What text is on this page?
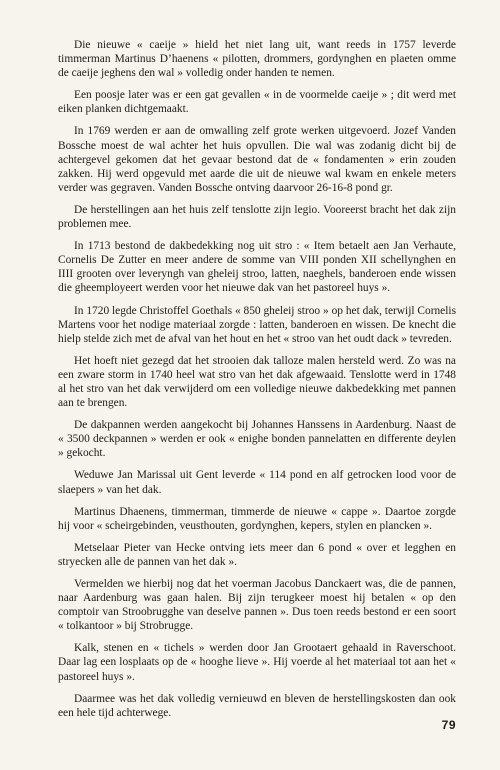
Die nieuwe « caeije » hield het niet lang uit, want reeds in 1757 leverde timmerman Martinus D’haenens « pilotten, drommers, gordynghen en plaeten omme de caeije jeghens den wal » volledig onder handen te nemen.

Een poosje later was er een gat gevallen « in de voormelde caeije » ; dit werd met eiken planken dichtgemaakt.

In 1769 werden er aan de omwalling zelf grote werken uitgevoerd. Jozef Vanden Bossche moest de wal achter het huis opvullen. Die wal was zodanig dicht bij de achtergevel gekomen dat het gevaar bestond dat de « fondamenten » erin zouden zakken. Hij werd opgevuld met aarde die uit de nieuwe wal kwam en enkele meters verder was gegraven. Vanden Bossche ontving daarvoor 26-16-8 pond gr.

De herstellingen aan het huis zelf tenslotte zijn legio. Vooreerst bracht het dak zijn problemen mee.

In 1713 bestond de dakbedekking nog uit stro : « Item betaelt aen Jan Verhaute, Cornelis De Zutter en meer andere de somme van VIII ponden XII schellynghen en IIII grooten over leveryngh van gheleij stroo, latten, naeghels, banderoen ende wissen die gheemployeert werden voor het nieuwe dak van het pastoreel huys ».

In 1720 legde Christoffel Goethals « 850 gheleij stroo » op het dak, terwijl Cornelis Martens voor het nodige materiaal zorgde : latten, banderoen en wissen. De knecht die hielp stelde zich met de afval van het hout en het « stroo van het oudt dack » tevreden.

Het hoeft niet gezegd dat het strooien dak talloze malen hersteld werd. Zo was na een zware storm in 1740 heel wat stro van het dak afgewaaid. Tenslotte werd in 1748 al het stro van het dak verwijderd om een volledige nieuwe dakbedekking met pannen aan te brengen.

De dakpannen werden aangekocht bij Johannes Hanssens in Aardenburg. Naast de « 3500 deckpannen » werden er ook « enighe bonden pannelatten en differente deylen » gekocht.

Weduwe Jan Marissal uit Gent leverde « 114 pond en alf getrocken lood voor de slaepers » van het dak.

Martinus Dhaenens, timmerman, timmerde de nieuwe « cappe ». Daartoe zorgde hij voor « scheirgebinden, veusthouten, gordynghen, kepers, stylen en plancken ».

Metselaar Pieter van Hecke ontving iets meer dan 6 pond « over et legghen en stryecken alle de pannen van het dak ».

Vermelden we hierbij nog dat het voerman Jacobus Danckaert was, die de pannen, naar Aardenburg was gaan halen. Bij zijn terugkeer moest hij betalen « op den comptoir van Stroobrugghe van deselve pannen ». Dus toen reeds bestond er een soort « tolkantoor » bij Strobrugge.

Kalk, stenen en « tichels » werden door Jan Grootaert gehaald in Raverschoot. Daar lag een losplaats op de « hooghe lieve ». Hij voerde al het materiaal tot aan het « pastoreel huys ».

Daarmee was het dak volledig vernieuwd en bleven de herstellingskosten dan ook een hele tijd achterwege.

79
